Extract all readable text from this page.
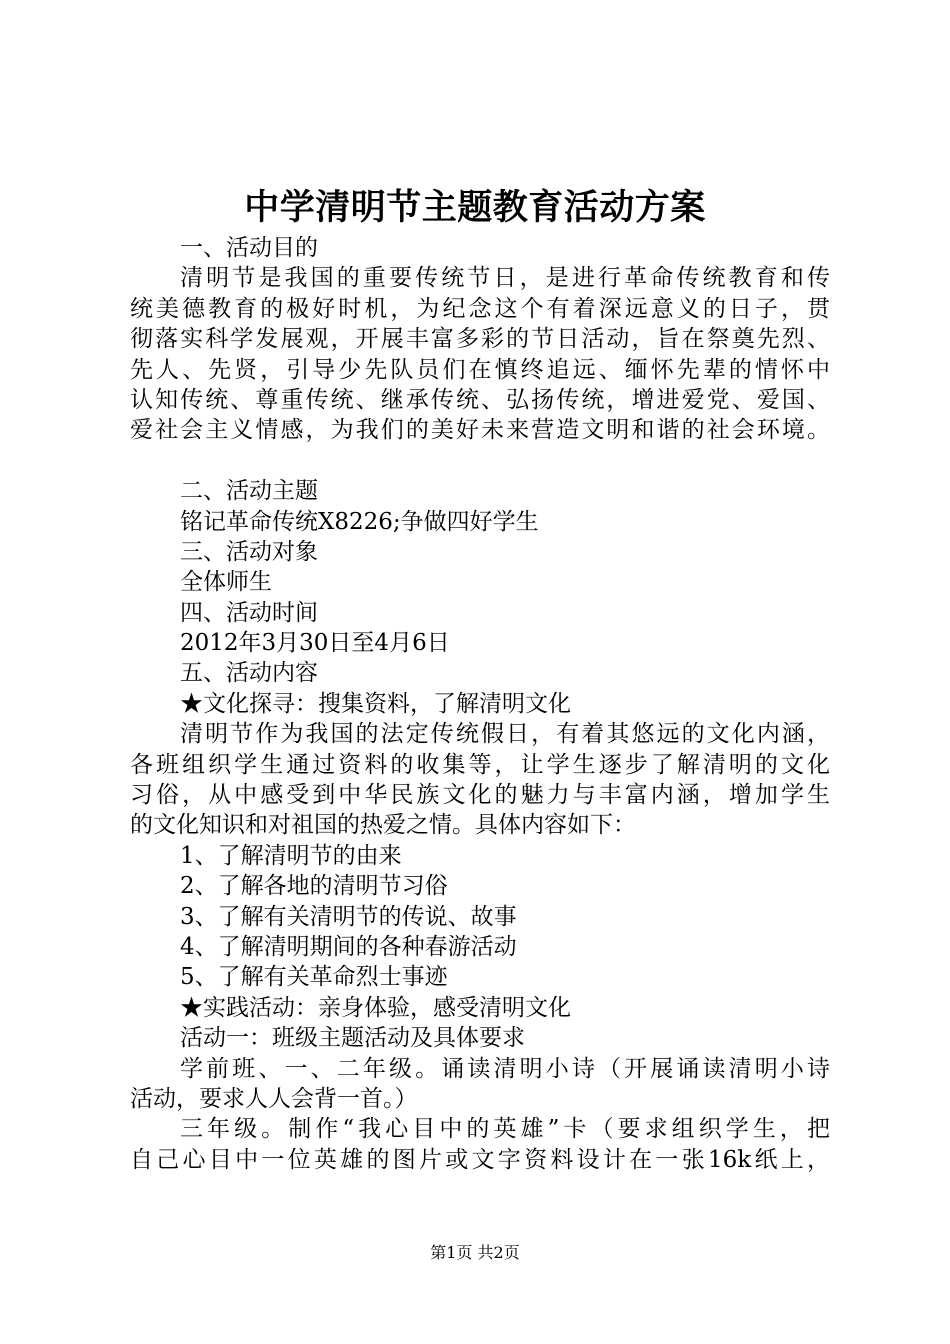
中学清明节主题教育活动方案
一、活动目的
清明节是我国的重要传统节日，是进行革命传统教育和传
统美德教育的极好时机，为纪念这个有着深远意义的日子，贯
彻落实科学发展观，开展丰富多彩的节日活动，旨在祭奠先烈、
先人、先贤，引导少先队员们在慎终追远、缅怀先辈的情怀中
认知传统、尊重传统、继承传统、弘扬传统，增进爱党、爱国、
爱社会主义情感，为我们的美好未来营造文明和谐的社会环境。
二、活动主题
铭记革命传统X8226;争做四好学生
三、活动对象
全体师生
四、活动时间
2012年3月30日至4月6日
五、活动内容
★文化探寻：搜集资料，了解清明文化
清明节作为我国的法定传统假日，有着其悠远的文化内涵，
各班组织学生通过资料的收集等，让学生逐步了解清明的文化
习俗，从中感受到中华民族文化的魅力与丰富内涵，增加学生
的文化知识和对祖国的热爱之情。具体内容如下：
1、了解清明节的由来
2、了解各地的清明节习俗
3、了解有关清明节的传说、故事
4、了解清明期间的各种春游活动
5、了解有关革命烈士事迹
★实践活动：亲身体验，感受清明文化
活动一：班级主题活动及具体要求
学前班、一、二年级。诵读清明小诗（开展诵读清明小诗
活动，要求人人会背一首。）
三年级。制作“我心目中的英雄”卡（要求组织学生，把
自己心目中一位英雄的图片或文字资料设计在一张16k纸上，
第1页 共2页
